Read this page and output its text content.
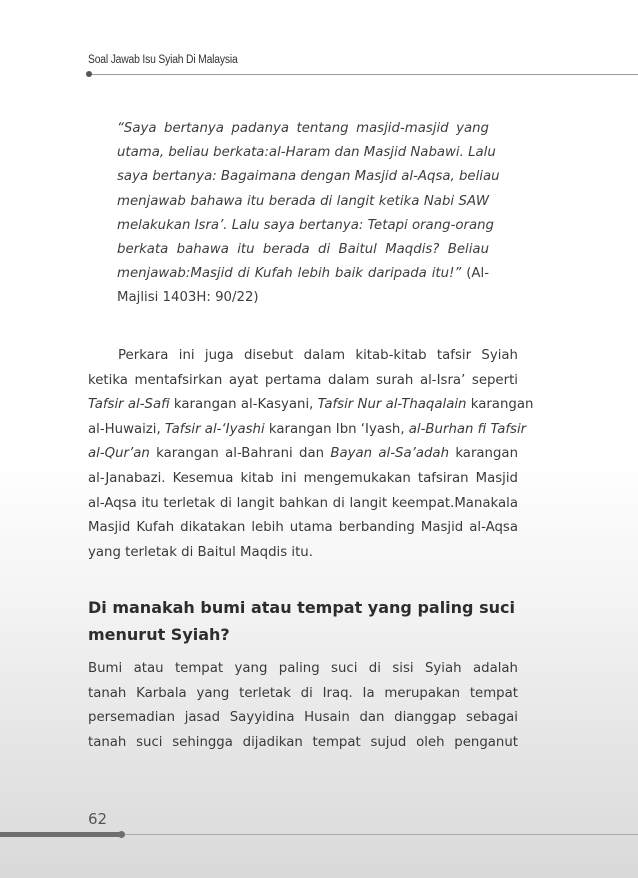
Soal Jawab Isu Syiah Di Malaysia
“Saya bertanya padanya tentang masjid-masjid yang
utama, beliau berkata:al-Haram dan Masjid Nabawi. Lalu
saya bertanya: Bagaimana dengan Masjid al-Aqsa, beliau
menjawab bahawa itu berada di langit ketika Nabi SAW
melakukan Isra’. Lalu saya bertanya: Tetapi orang-orang
berkata bahawa itu berada di Baitul Maqdis? Beliau
menjawab:Masjid di Kufah lebih baik daripada itu!” (Al-
Majlisi 1403H: 90/22)
Perkara ini juga disebut dalam kitab-kitab tafsir Syiah
ketika mentafsirkan ayat pertama dalam surah al-Isra’ seperti
Tafsir al-Safi karangan al-Kasyani, Tafsir Nur al-Thaqalain karangan
al-Huwaizi, Tafsir al-‘Iyashi karangan Ibn ‘Iyash, al-Burhan fi Tafsir
al-Qur’an karangan al-Bahrani dan Bayan al-Sa’adah karangan
al-Janabazi. Kesemua kitab ini mengemukakan tafsiran Masjid
al-Aqsa itu terletak di langit bahkan di langit keempat.Manakala
Masjid Kufah dikatakan lebih utama berbanding Masjid al-Aqsa
yang terletak di Baitul Maqdis itu.
Di manakah bumi atau tempat yang paling suci
menurut Syiah?
Bumi atau tempat yang paling suci di sisi Syiah adalah
tanah Karbala yang terletak di Iraq. Ia merupakan tempat
persemadian jasad Sayyidina Husain dan dianggap sebagai
tanah suci sehingga dijadikan tempat sujud oleh penganut
62
